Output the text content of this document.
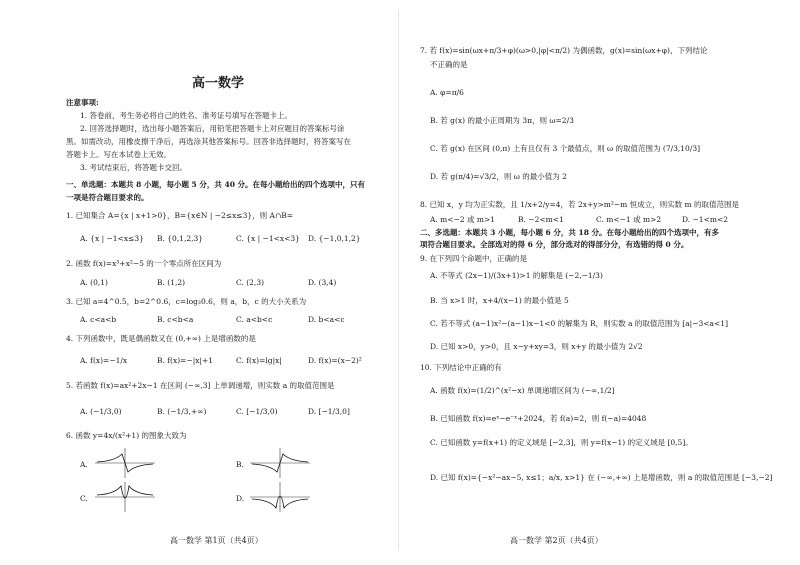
高一数学
注意事项:
1. 答卷前，考生务必将自己的姓名、准考证号填写在答题卡上。
2. 回答选择题时，选出每小题答案后，用铅笔把答题卡上对应题目的答案标号涂
黑。如需改动，用橡皮擦干净后，再选涂其他答案标号。回答非选择题时，将答案写在
答题卡上。写在本试卷上无效。
3. 考试结束后，将答题卡交回。
一、单选题：本题共 8 小题，每小题 5 分，共 40 分。在每小题给出的四个选项中，只有
一项是符合题目要求的。
1. 已知集合 A={x | x+1>0}，B={x∈N | −2≤x≤3}，则 A∩B=
A. {x | −1<x≤3} B. {0,1,2,3}	C. {x | −1<x<3} D. {−1,0,1,2}
2. 函数 f(x)=x³+x²−5 的一个零点所在区间为
A. (0,1)	B. (1,2)	C. (2,3)	D. (3,4)
3. 已知 a=4^0.5，b=2^0.6，c=log₃0.6，则 a，b，c 的大小关系为
A. c<a<b	B. c<b<a	C. a<b<c	D. b<a<c
4. 下列函数中，既是偶函数又在 (0,+∞) 上是增函数的是
A. f(x)=−1/x	B. f(x)=−|x|+1	C. f(x)=lg|x|	D. f(x)=(x−2)²
5. 若函数 f(x)=ax²+2x−1 在区间 (−∞,3] 上单调递增，则实数 a 的取值范围是
A. (−1/3,0)	B. (−1/3,+∞)	C. [−1/3,0)	D. [−1/3,0]
6. 函数 y=4x/(x²+1) 的图象大致为
A.	B.
C.	D.
高一数学 第1页（共4页）
7. 若 f(x)=sin(ωx+π/3+φ)(ω>0,|φ|<π/2) 为偶函数，g(x)=sin(ωx+φ)，下列结论
不正确的是
A. φ=π/6
B. 若 g(x) 的最小正周期为 3π，则 ω=2/3
C. 若 g(x) 在区间 (0,π) 上有且仅有 3 个最值点，则 ω 的取值范围为 (7/3,10/3]
D. 若 g(π/4)=√3/2，则 ω 的最小值为 2
8. 已知 x，y 均为正实数，且 1/x+2/y=4，若 2x+y>m²−m 恒成立，则实数 m 的取值范围是
A. m<−2 或 m>1	B. −2<m<1	C. m<−1 或 m>2	D. −1<m<2
二、多选题：本题共 3 小题，每小题 6 分，共 18 分。在每小题给出的四个选项中，有多
项符合题目要求。全部选对的得 6 分，部分选对的得部分分，有选错的得 0 分。
9. 在下列四个命题中，正确的是
A. 不等式 (2x−1)/(3x+1)>1 的解集是 (−2,−1/3)
B. 当 x>1 时，x+4/(x−1) 的最小值是 5
C. 若不等式 (a−1)x²−(a−1)x−1<0 的解集为 R，则实数 a 的取值范围为 [a|−3<a<1]
D. 已知 x>0，y>0，且 x−y+xy=3，则 x+y 的最小值为 2√2
10. 下列结论中正确的有
A. 函数 f(x)=(1/2)^(x²−x) 单调递增区间为 (−∞,1/2]
B. 已知函数 f(x)=eˣ−e⁻ˣ+2024，若 f(a)=2，则 f(−a)=4048
C. 已知函数 y=f(x+1) 的定义域是 [−2,3]，则 y=f(x−1) 的定义域是 [0,5]。
D. 已知 f(x)={−x²−ax−5, x≤1；a/x, x>1} 在 (−∞,+∞) 上是增函数，则 a 的取值范围是 [−3,−2]
高一数学 第2页（共4页）
